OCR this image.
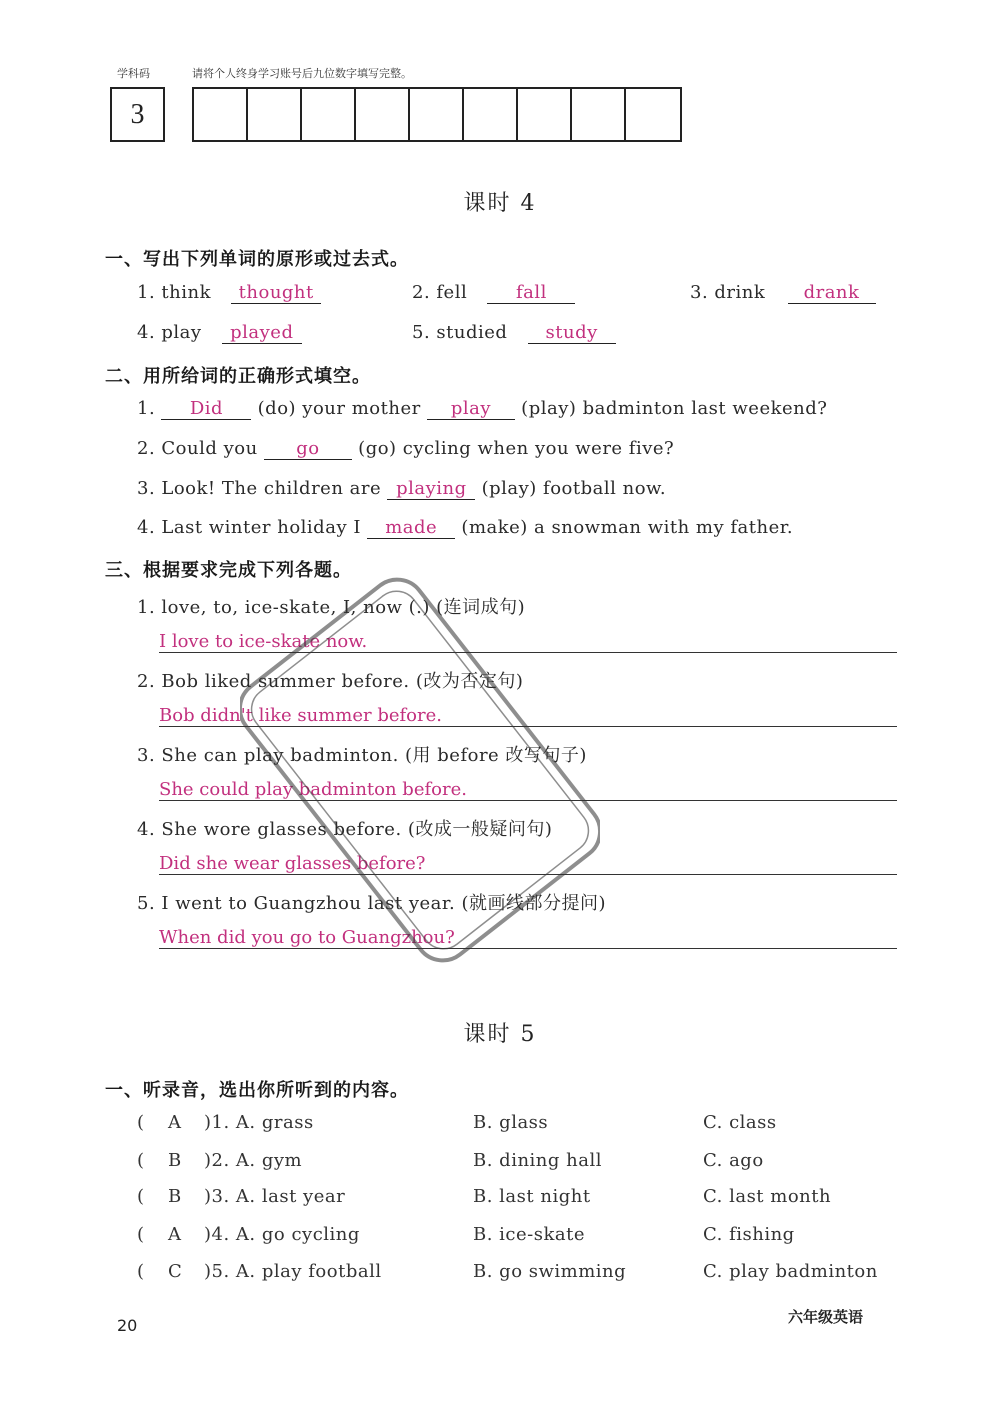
学科码	请将个人终身学习账号后九位数字填写完整。
3
课时 4
一、写出下列单词的原形或过去式。
1. think thought	2. fell	fall	3. drink drank
4. play played	5. studied study
二、用所给词的正确形式填空。
1. Did (do) your mother play (play) badminton last weekend?
2. Could you go (go) cycling when you were five?
3. Look! The children are playing (play) football now.
4. Last winter holiday I made (make) a snowman with my father.
三、根据要求完成下列各题。
1. love, to, ice-skate, I, now (.) (连词成句)
I love to ice-skate now.
2. Bob liked summer before. (改为否定句)
Bob didn't like summer before.
3. She can play badminton. (用 before 改写句子)
She could play badminton before.
4. She wore glasses before. (改成一般疑问句)
Did she wear glasses before?
5. I went to Guangzhou last year. (就画线部分提问)
When did you go to Guangzhou?
课时 5
一、听录音，选出你所听到的内容。
( A )1. A. grass	B. glass	C. class
( B )2. A. gym	B. dining hall	C. ago
( B )3. A. last year	B. last night	C. last month
( A )4. A. go cycling	B. ice-skate	C. fishing
( C )5. A. play football	B. go swimming	C. play badminton
20	六年级英语
